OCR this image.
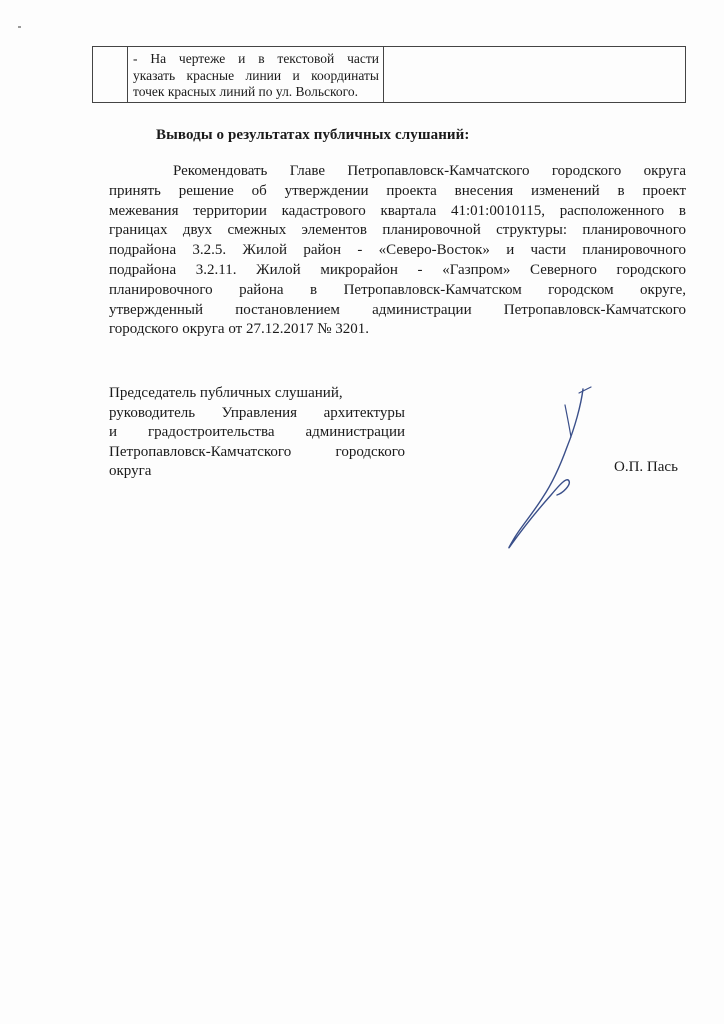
- На чертеже и в текстовой части
указать красные линии и координаты
точек красных линий по ул. Вольского.

Выводы о результатах публичных слушаний:
Рекомендовать Главе Петропавловск-Камчатского городского округа
принять решение об утверждении проекта внесения изменений в проект
межевания территории кадастрового квартала 41:01:0010115, расположенного в
границах двух смежных элементов планировочной структуры: планировочного
подрайона 3.2.5. Жилой район - «Северо-Восток» и части планировочного
подрайона 3.2.11. Жилой микрорайон - «Газпром» Северного городского
планировочного района в Петропавловск-Камчатском городском округе,
утвержденный постановлением администрации Петропавловск-Камчатского
городского округа от 27.12.2017 № 3201.
Председатель публичных слушаний,
руководитель Управления архитектуры
и градостроительства администрации
Петропавловск-Камчатского городского
округа	О.П. Пась
